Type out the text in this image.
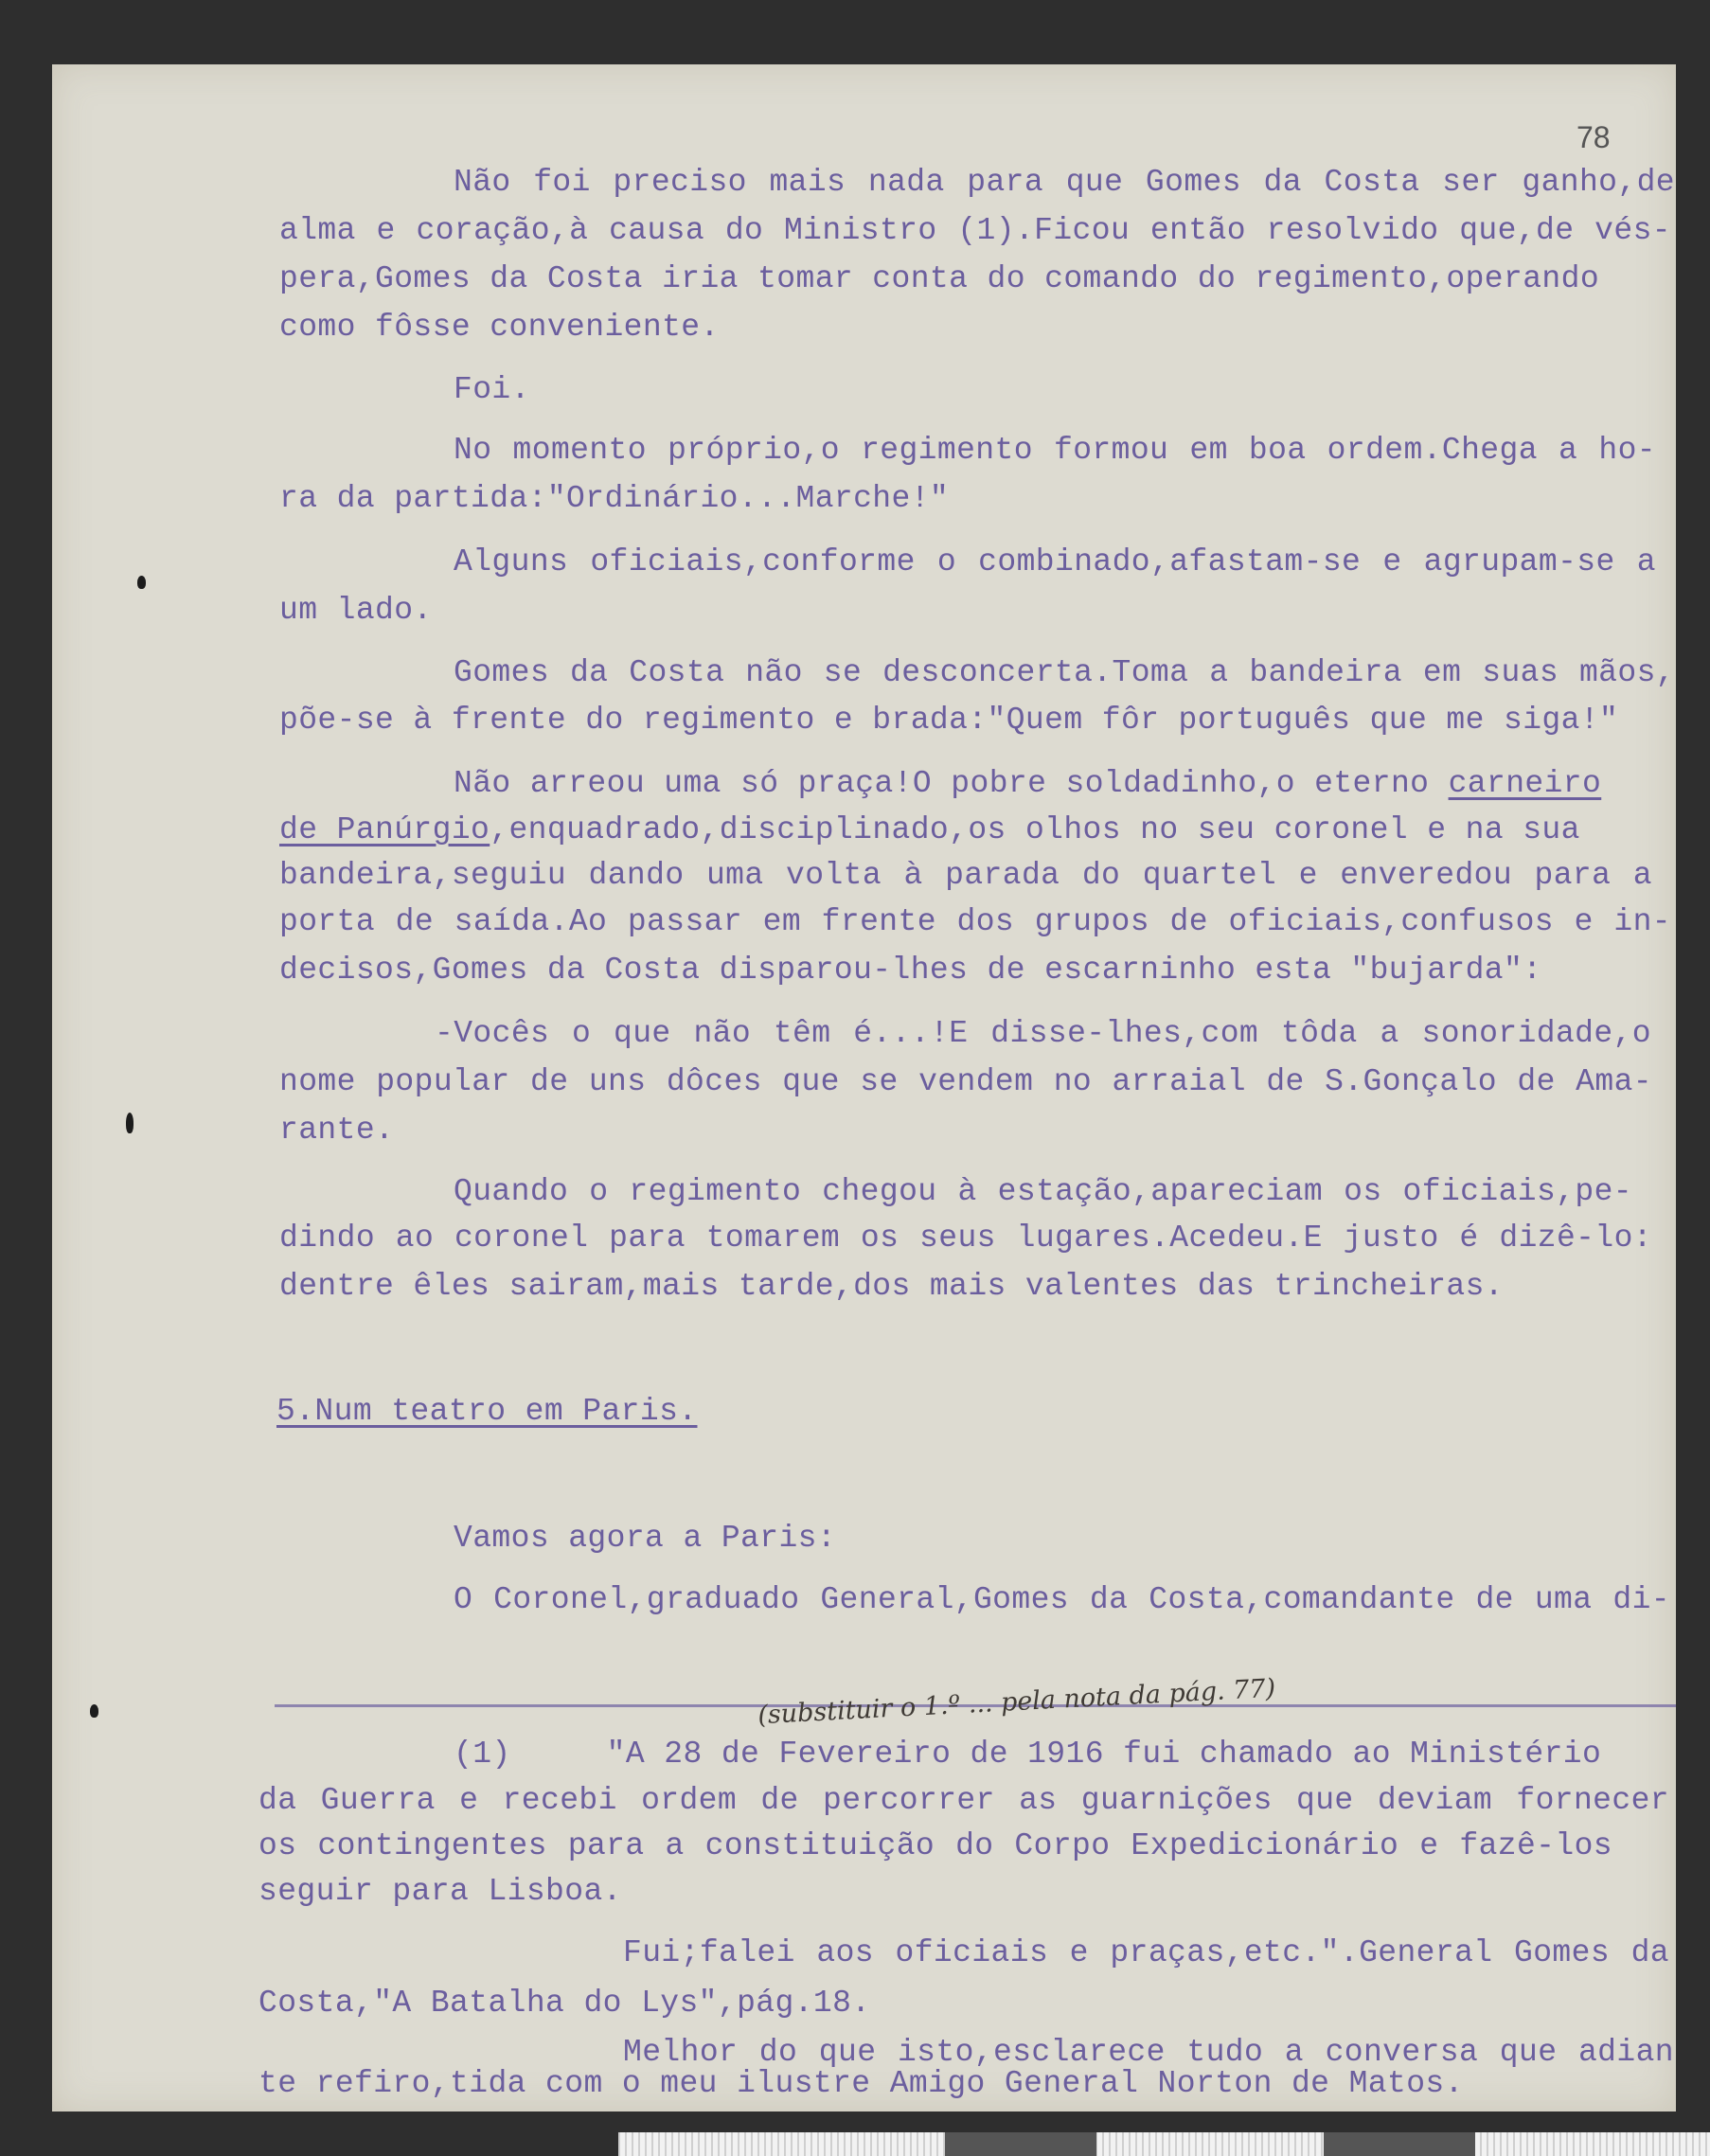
78
Não foi preciso mais nada para que Gomes da Costa ser ganho,de
alma e coração,à causa do Ministro (1).Ficou então resolvido que,de vés-
pera,Gomes da Costa iria tomar conta do comando do regimento,operando
como fôsse conveniente.
Foi.
No momento próprio,o regimento formou em boa ordem.Chega a ho-
ra da partida:"Ordinário...Marche!"
Alguns oficiais,conforme o combinado,afastam-se e agrupam-se a
um lado.
Gomes da Costa não se desconcerta.Toma a bandeira em suas mãos,
põe-se à frente do regimento e brada:"Quem fôr português que me siga!"
Não arreou uma só praça!O pobre soldadinho,o eterno carneiro
de Panúrgio,enquadrado,disciplinado,os olhos no seu coronel e na sua
bandeira,seguiu dando uma volta à parada do quartel e enveredou para a
porta de saída.Ao passar em frente dos grupos de oficiais,confusos e in-
decisos,Gomes da Costa disparou-lhes de escarninho esta "bujarda":
-Vocês o que não têm é...!E disse-lhes,com tôda a sonoridade,o
nome popular de uns dôces que se vendem no arraial de S.Gonçalo de Ama-
rante.
Quando o regimento chegou à estação,apareciam os oficiais,pe-
dindo ao coronel para tomarem os seus lugares.Acedeu.E justo é dizê-lo:
dentre êles sairam,mais tarde,dos mais valentes das trincheiras.
5.Num teatro em Paris.
Vamos agora a Paris:
O Coronel,graduado General,Gomes da Costa,comandante de uma di-
(substituir o 1.º ... pela nota da pág. 77)
(1)     "A 28 de Fevereiro de 1916 fui chamado ao Ministério
da Guerra e recebi ordem de percorrer as guarnições que deviam fornecer
os contingentes para a constituição do Corpo Expedicionário e fazê-los
seguir para Lisboa.
Fui;falei aos oficiais e praças,etc.".General Gomes da
Costa,"A Batalha do Lys",pág.18.
Melhor do que isto,esclarece tudo a conversa que adian
te refiro,tida com o meu ilustre Amigo General Norton de Matos.
